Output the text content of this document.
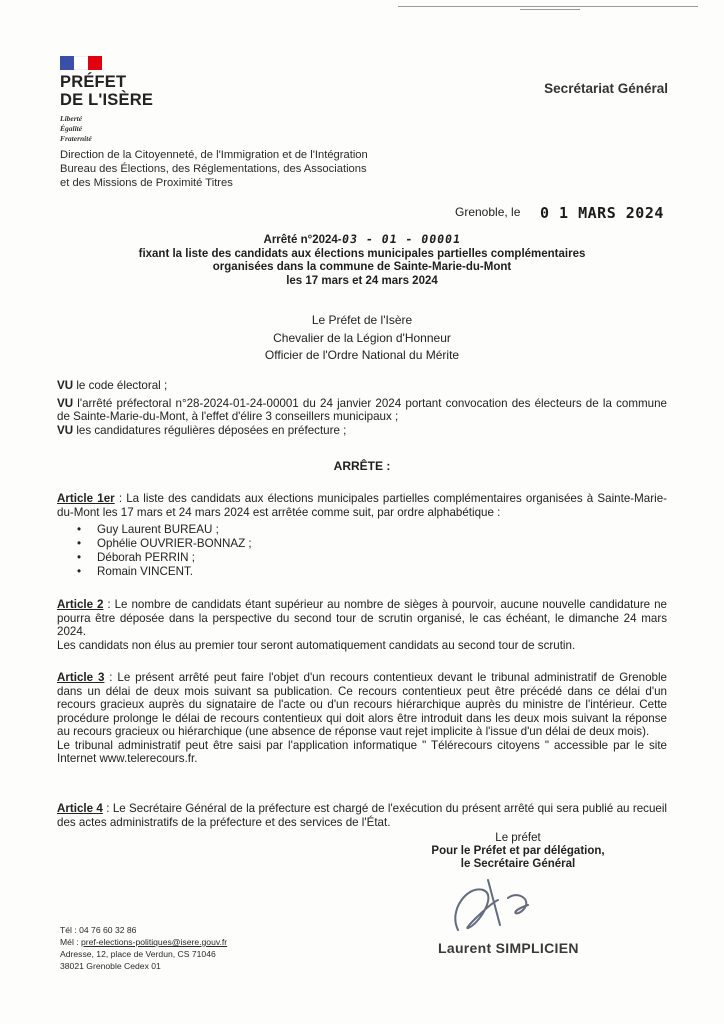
PRÉFET
DE L'ISÈRE
Liberté
Égalité
Fraternité
Direction de la Citoyenneté, de l'Immigration et de l'Intégration
Bureau des Élections, des Réglementations, des Associations
et des Missions de Proximité Titres
Secrétariat Général
Grenoble, le 0 1 MARS 2024
Arrêté n°2024-03 - 01 - 00001
fixant la liste des candidats aux élections municipales partielles complémentaires
organisées dans la commune de Sainte-Marie-du-Mont
les 17 mars et 24 mars 2024
Le Préfet de l'Isère
Chevalier de la Légion d'Honneur
Officier de l'Ordre National du Mérite

VU le code électoral ;

VU l'arrêté préfectoral n°28-2024-01-24-00001 du 24 janvier 2024 portant convocation des électeurs de la commune de Sainte-Marie-du-Mont, à l'effet d'élire 3 conseillers municipaux ;

VU les candidatures régulières déposées en préfecture ;

ARRÊTE :

Article 1er : La liste des candidats aux élections municipales partielles complémentaires organisées à Sainte-Marie-du-Mont les 17 mars et 24 mars 2024 est arrêtée comme suit, par ordre alphabétique :

• Guy Laurent BUREAU ;
• Ophélie OUVRIER-BONNAZ ;
• Déborah PERRIN ;
• Romain VINCENT.

Article 2 : Le nombre de candidats étant supérieur au nombre de sièges à pourvoir, aucune nouvelle candidature ne pourra être déposée dans la perspective du second tour de scrutin organisé, le cas échéant, le dimanche 24 mars 2024.

Les candidats non élus au premier tour seront automatiquement candidats au second tour de scrutin.

Article 3 : Le présent arrêté peut faire l'objet d'un recours contentieux devant le tribunal administratif de Grenoble dans un délai de deux mois suivant sa publication. Ce recours contentieux peut être précédé dans ce délai d'un recours gracieux auprès du signataire de l'acte ou d'un recours hiérarchique auprès du ministre de l'intérieur. Cette procédure prolonge le délai de recours contentieux qui doit alors être introduit dans les deux mois suivant la réponse au recours gracieux ou hiérarchique (une absence de réponse vaut rejet implicite à l'issue d'un délai de deux mois).

Le tribunal administratif peut être saisi par l'application informatique " Télérecours citoyens " accessible par le site Internet www.telerecours.fr.

Article 4 : Le Secrétaire Général de la préfecture est chargé de l'exécution du présent arrêté qui sera publié au recueil des actes administratifs de la préfecture et des services de l'État.

Le préfet
Pour le Préfet et par délégation,
le Secrétaire Général
Laurent SIMPLICIEN
Tél : 04 76 60 32 86
Mél : pref-elections-politiques@isere.gouv.fr
Adresse, 12, place de Verdun, CS 71046
38021 Grenoble Cedex 01
